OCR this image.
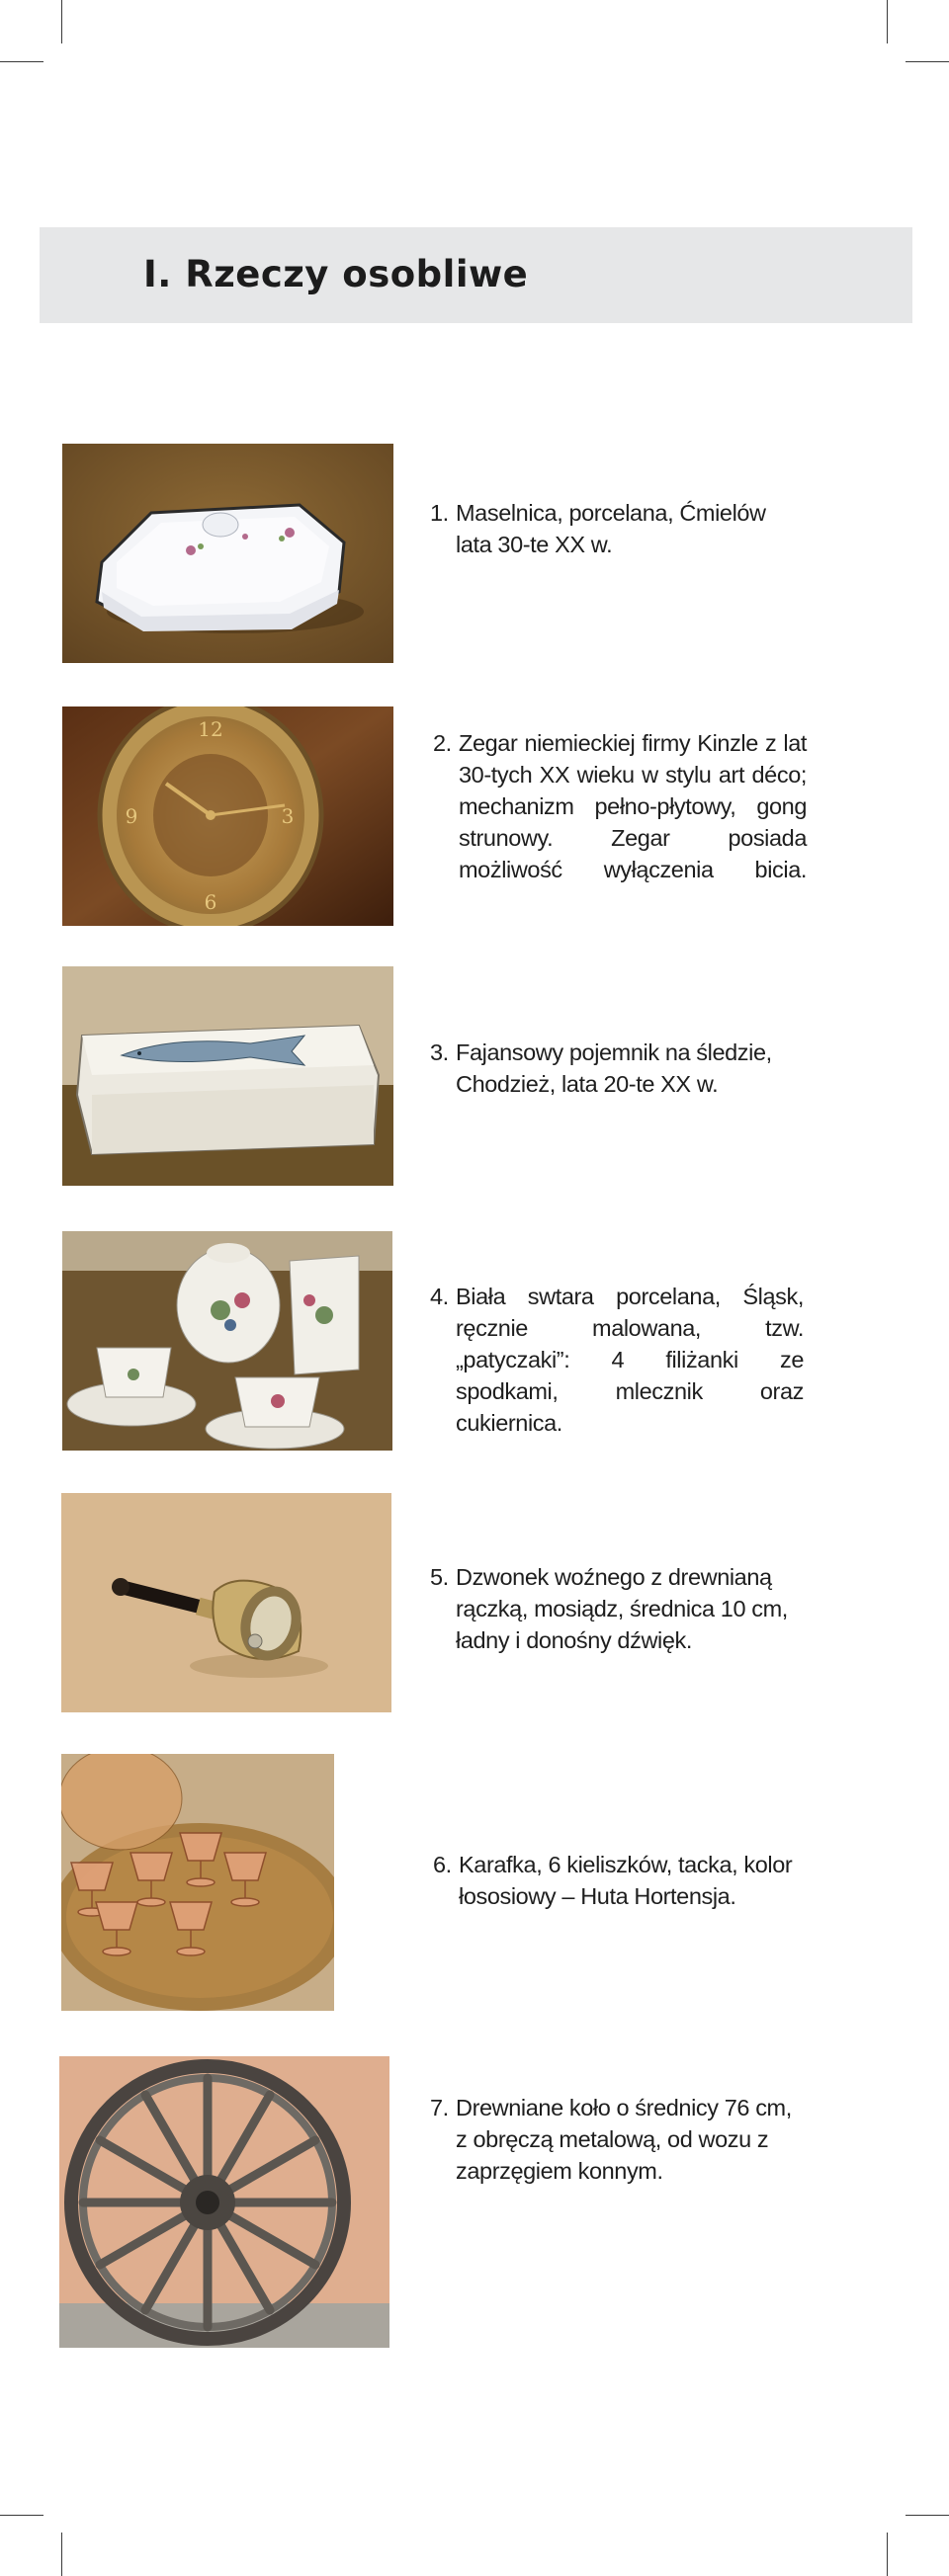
I. Rzeczy osobliwe

1. Maselnica, porcelana, Ćmielów lata 30-te XX w.

12
3
9
6

2. Zegar niemieckiej firmy Kinzle z lat 30-tych XX wieku w stylu art déco; mechanizm pełno-płytowy, gong strunowy. Zegar posiada możliwość wyłączenia bicia.

3. Fajansowy pojemnik na śledzie, Chodzież, lata 20-te XX w.

4. Biała swtara porcelana, Śląsk, ręcznie malowana, tzw. „patyczaki”: 4 filiżanki ze spodkami, mlecznik oraz cukiernica.

5. Dzwonek woźnego z drewnianą rączką, mosiądz, średnica 10 cm, ładny i donośny dźwięk.

6. Karafka, 6 kieliszków, tacka, kolor łososiowy – Huta Hortensja.

7. Drewniane koło o średnicy 76 cm, z obręczą metalową, od wozu z zaprzęgiem konnym.
